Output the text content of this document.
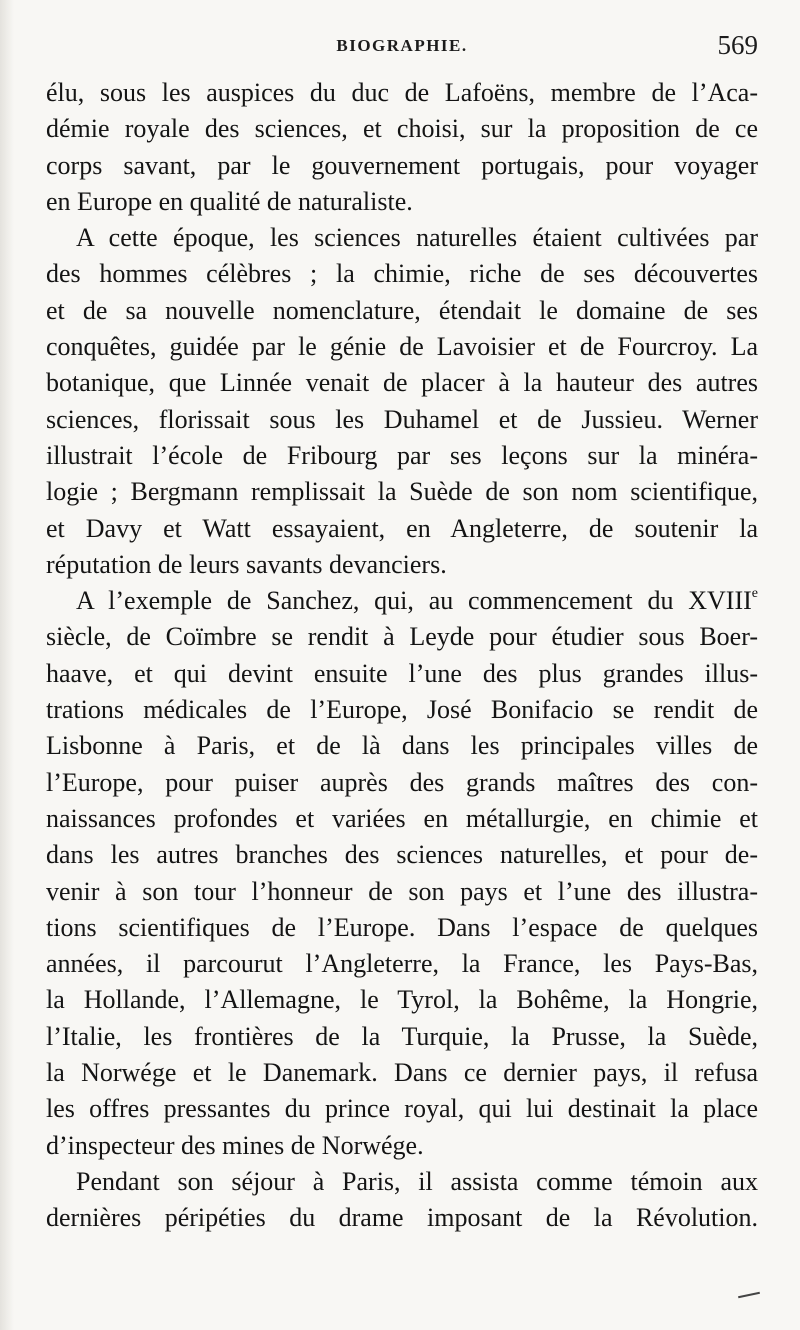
BIOGRAPHIE.	569
élu, sous les auspices du duc de Lafoëns, membre de l’Aca-
démie royale des sciences, et choisi, sur la proposition de ce
corps savant, par le gouvernement portugais, pour voyager
en Europe en qualité de naturaliste.
A cette époque, les sciences naturelles étaient cultivées par
des hommes célèbres ; la chimie, riche de ses découvertes
et de sa nouvelle nomenclature, étendait le domaine de ses
conquêtes, guidée par le génie de Lavoisier et de Fourcroy. La
botanique, que Linnée venait de placer à la hauteur des autres
sciences, florissait sous les Duhamel et de Jussieu. Werner
illustrait l’école de Fribourg par ses leçons sur la minéra-
logie ; Bergmann remplissait la Suède de son nom scientifique,
et Davy et Watt essayaient, en Angleterre, de soutenir la
réputation de leurs savants devanciers.
A l’exemple de Sanchez, qui, au commencement du XVIIIe
siècle, de Coïmbre se rendit à Leyde pour étudier sous Boer-
haave, et qui devint ensuite l’une des plus grandes illus-
trations médicales de l’Europe, José Bonifacio se rendit de
Lisbonne à Paris, et de là dans les principales villes de
l’Europe, pour puiser auprès des grands maîtres des con-
naissances profondes et variées en métallurgie, en chimie et
dans les autres branches des sciences naturelles, et pour de-
venir à son tour l’honneur de son pays et l’une des illustra-
tions scientifiques de l’Europe. Dans l’espace de quelques
années, il parcourut l’Angleterre, la France, les Pays-Bas,
la Hollande, l’Allemagne, le Tyrol, la Bohême, la Hongrie,
l’Italie, les frontières de la Turquie, la Prusse, la Suède,
la Norwége et le Danemark. Dans ce dernier pays, il refusa
les offres pressantes du prince royal, qui lui destinait la place
d’inspecteur des mines de Norwége.
Pendant son séjour à Paris, il assista comme témoin aux
dernières péripéties du drame imposant de la Révolution.
